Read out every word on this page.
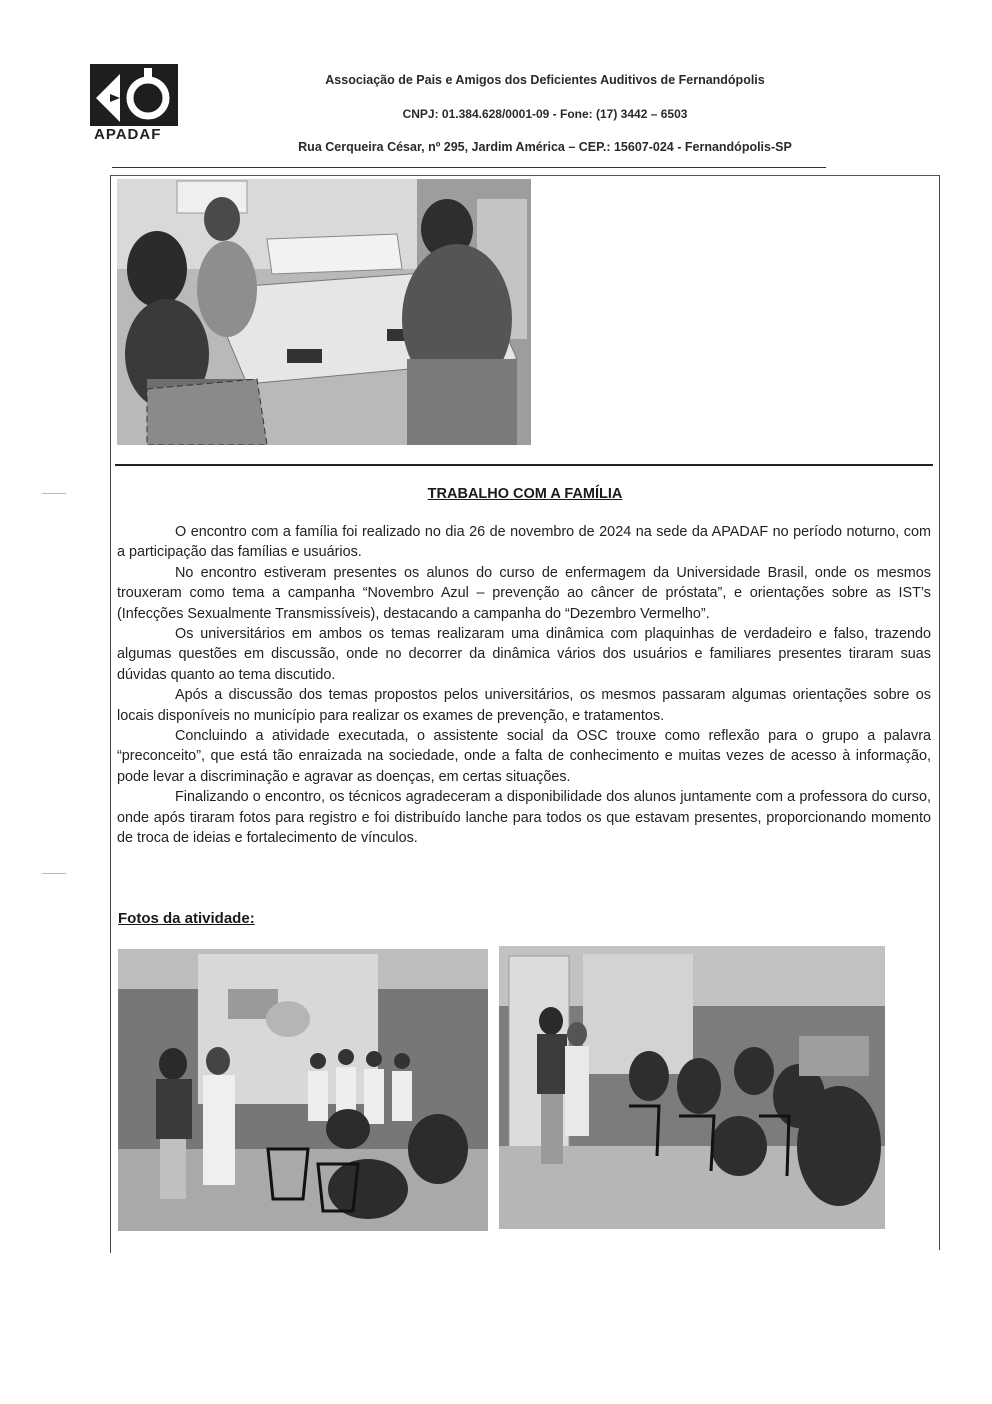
APADAF
Associação de Pais e Amigos dos Deficientes Auditivos de Fernandópolis
CNPJ: 01.384.628/0001-09 - Fone: (17) 3442 – 6503
Rua Cerqueira César, nº 295, Jardim América – CEP.: 15607-024 - Fernandópolis-SP
TRABALHO COM A FAMÍLIA

O encontro com a família foi realizado no dia 26 de novembro de 2024 na sede da APADAF no período noturno, com a participação das famílias e usuários.

No encontro estiveram presentes os alunos do curso de enfermagem da Universidade Brasil, onde os mesmos trouxeram como tema a campanha “Novembro Azul – prevenção ao câncer de próstata”, e orientações sobre as IST’s (Infecções Sexualmente Transmissíveis), destacando a campanha do “Dezembro Vermelho”.

Os universitários em ambos os temas realizaram uma dinâmica com plaquinhas de verdadeiro e falso, trazendo algumas questões em discussão, onde no decorrer da dinâmica vários dos usuários e familiares presentes tiraram suas dúvidas quanto ao tema discutido.

Após a discussão dos temas propostos pelos universitários, os mesmos passaram algumas orientações sobre os locais disponíveis no município para realizar os exames de prevenção, e tratamentos.

Concluindo a atividade executada, o assistente social da OSC trouxe como reflexão para o grupo a palavra “preconceito”, que está tão enraizada na sociedade, onde a falta de conhecimento e muitas vezes de acesso à informação, pode levar a discriminação e agravar as doenças, em certas situações.

Finalizando o encontro, os técnicos agradeceram a disponibilidade dos alunos juntamente com a professora do curso, onde após tiraram fotos para registro e foi distribuído lanche para todos os que estavam presentes, proporcionando momento de troca de ideias e fortalecimento de vínculos.

Fotos da atividade:
